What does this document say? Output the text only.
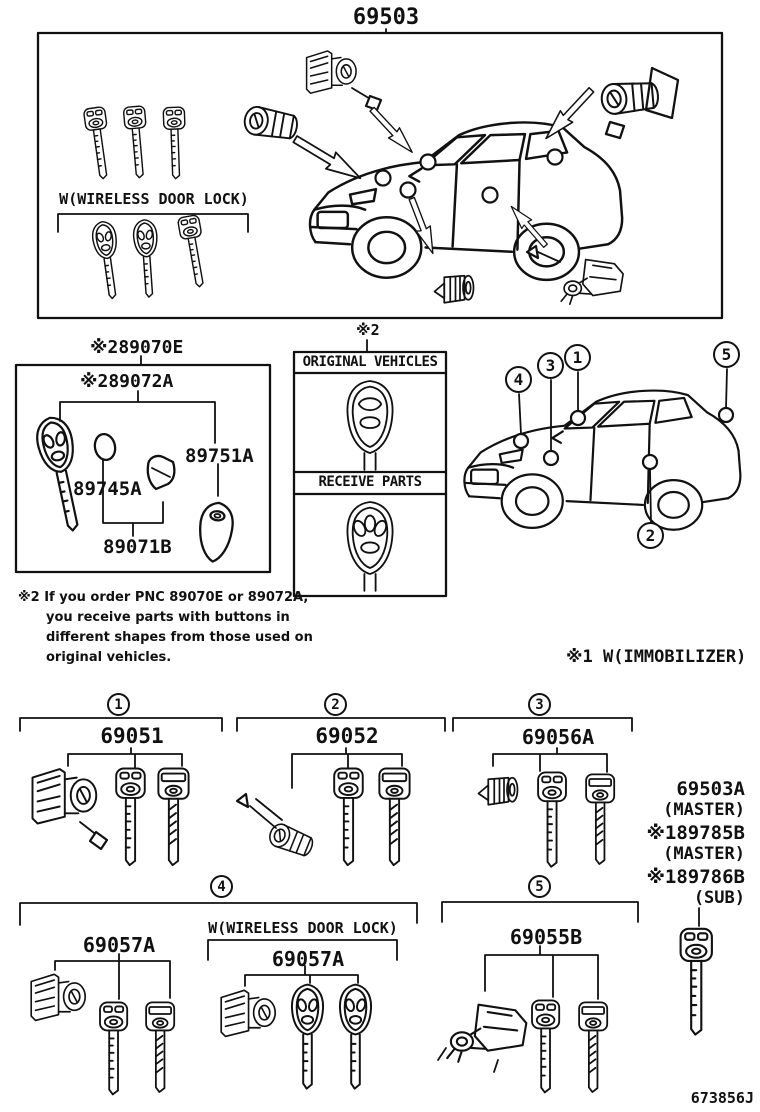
69503
W(WIRELESS DOOR LOCK)
※289070E
※289072A
89751A
89745A
89071B
※2
ORIGINAL VEHICLES
RECEIVE PARTS
※2 If you order PNC 89070E or 89072A,
you receive parts with buttons in
different shapes from those used on
original vehicles.	※1 W(IMMOBILIZER)
1
2
3
4
5
1	2	3
4	5
69051	69052	69056A
69057A
W(WIRELESS DOOR LOCK)
69057A
69055B
69503A
(MASTER)
※189785B
(MASTER)
※189786B
(SUB)
673856J
